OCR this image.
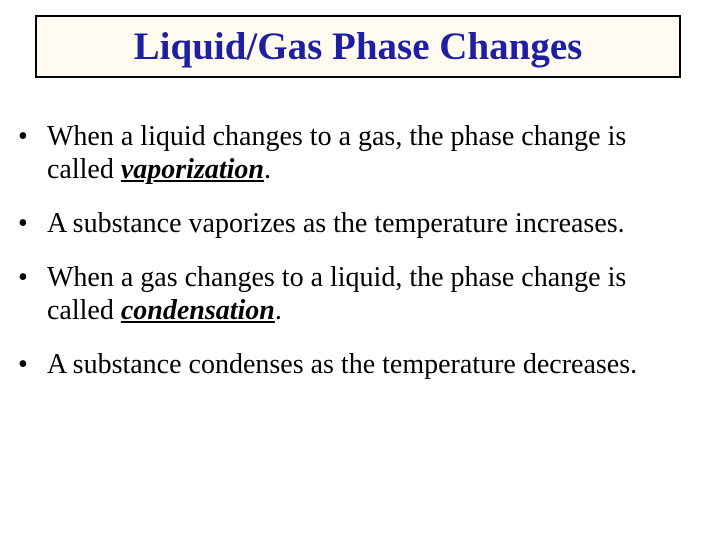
Liquid/Gas Phase Changes
• When a liquid changes to a gas, the phase change is called vaporization.
• A substance vaporizes as the temperature increases.
• When a gas changes to a liquid, the phase change is called condensation.
• A substance condenses as the temperature decreases.
